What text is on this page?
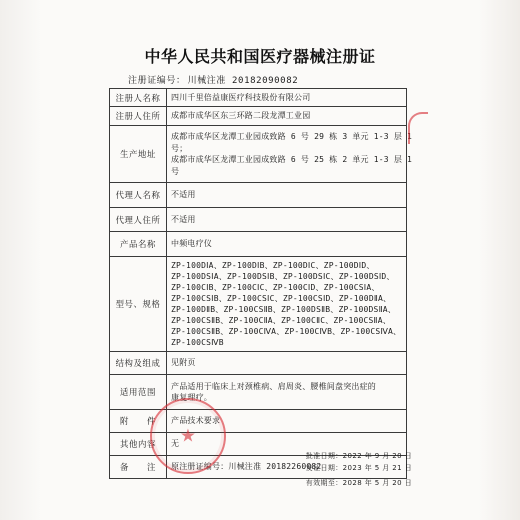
中华人民共和国医疗器械注册证
注册证编号： 川械注准 20182090082
注册人名称	四川千里倍益康医疗科技股份有限公司
注册人住所	成都市成华区东三环路二段龙潭工业园
生产地址
成都市成华区龙潭工业园成致路 6 号 29 栋 3 单元 1-3 层 1
号；
成都市成华区龙潭工业园成致路 6 号 25 栋 2 单元 1-3 层 1
号
代理人名称	不适用
代理人住所	不适用
产品名称	中频电疗仪
型号、规格
ZP-100DⅠA、ZP-100DⅠB、ZP-100DⅠC、ZP-100DⅠD、
ZP-100DSⅠA、ZP-100DSⅠB、ZP-100DSⅠC、ZP-100DSⅠD、
ZP-100CⅠB、ZP-100CⅠC、ZP-100CⅠD、ZP-100CSⅠA、
ZP-100CSⅠB、ZP-100CSⅠC、ZP-100CSⅠD、ZP-100DⅡA、
ZP-100DⅡB、ZP-100CSⅡB、ZP-100DSⅡB、ZP-100DSⅡA、
ZP-100CSⅡB、ZP-100CⅡA、ZP-100CⅡC、ZP-100CSⅡA、
ZP-100CSⅡB、ZP-100CⅣA、ZP-100CⅣB、ZP-100CSⅣA、
ZP-100CSⅣB
结构及组成	见附页
适用范围
产品适用于临床上对颈椎病、肩周炎、腰椎间盘突出症的
康复理疗。
附　　件	产品技术要求
其他内容	无
备　　注	原注册证编号：川械注准 20182260082
批准日期：2022 年 9 月 20 日
发证日期：2023 年 5 月 21 日
有效期至：2028 年 5 月 20 日
★
